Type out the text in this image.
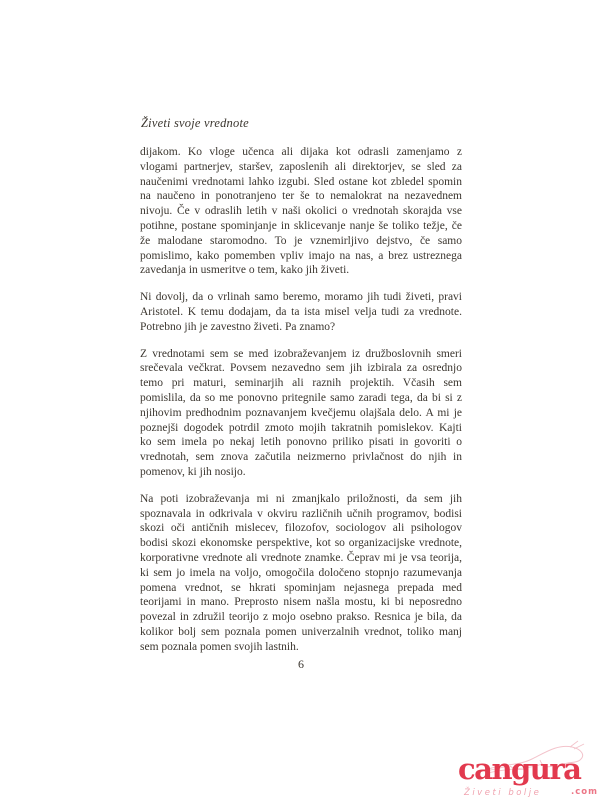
Živeti svoje vrednote
dijakom. Ko vloge učenca ali dijaka kot odrasli zamenjamo z
vlogami partnerjev, staršev, zaposlenih ali direktorjev, se sled za
naučenimi vrednotami lahko izgubi. Sled ostane kot zbledel spomin
na naučeno in ponotranjeno ter še to nemalokrat na nezavednem
nivoju. Če v odraslih letih v naši okolici o vrednotah skorajda vse
potihne, postane spominjanje in sklicevanje nanje še toliko težje, če
že malodane staromodno. To je vznemirljivo dejstvo, če samo
pomislimo, kako pomemben vpliv imajo na nas, a brez ustreznega
zavedanja in usmeritve o tem, kako jih živeti.
Ni dovolj, da o vrlinah samo beremo, moramo jih tudi živeti, pravi
Aristotel. K temu dodajam, da ta ista misel velja tudi za vrednote.
Potrebno jih je zavestno živeti. Pa znamo?
Z vrednotami sem se med izobraževanjem iz družboslovnih smeri
srečevala večkrat. Povsem nezavedno sem jih izbirala za osrednjo
temo pri maturi, seminarjih ali raznih projektih. Včasih sem
pomislila, da so me ponovno pritegnile samo zaradi tega, da bi si z
njihovim predhodnim poznavanjem kvečjemu olajšala delo. A mi je
poznejši dogodek potrdil zmoto mojih takratnih pomislekov. Kajti
ko sem imela po nekaj letih ponovno priliko pisati in govoriti o
vrednotah, sem znova začutila neizmerno privlačnost do njih in
pomenov, ki jih nosijo.
Na poti izobraževanja mi ni zmanjkalo priložnosti, da sem jih
spoznavala in odkrivala v okviru različnih učnih programov, bodisi
skozi oči antičnih mislecev, filozofov, sociologov ali psihologov
bodisi skozi ekonomske perspektive, kot so organizacijske vrednote,
korporativne vrednote ali vrednote znamke. Čeprav mi je vsa teorija,
ki sem jo imela na voljo, omogočila določeno stopnjo razumevanja
pomena vrednot, se hkrati spominjam nejasnega prepada med
teorijami in mano. Preprosto nisem našla mostu, ki bi neposredno
povezal in združil teorijo z mojo osebno prakso. Resnica je bila, da
kolikor bolj sem poznala pomen univerzalnih vrednot, toliko manj
sem poznala pomen svojih lastnih.
6
cangura
.com
Živeti bolje
